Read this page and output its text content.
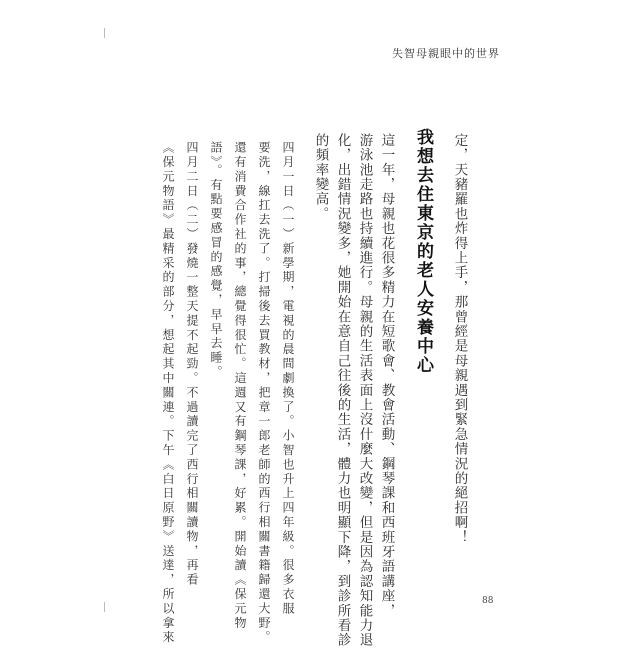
失智母親眼中的世界
定，天豬羅也炸得上手，那曾經是母親遇到緊急情況的絕招啊！
我想去住東京的老人安養中心
這一年，母親也花很多精力在短歌會、教會活動、鋼琴課和西班牙語講座，
游泳池走路也持續進行。母親的生活表面上沒什麼大改變，但是因為認知能力退
化，出錯情況變多，她開始在意自己往後的生活，體力也明顯下降，到診所看診
的頻率變高。
四月一日（一）新學期，電視的晨間劇換了。小智也升上四年級。很多衣服
要洗，線扛去洗了。打掃後去買教材，把章一郎老師的西行相關書籍歸還大野。
還有消費合作社的事，總覺得很忙。這週又有鋼琴課，好累。開始讀《保元物
語》。有點要感冒的感覺，早早去睡。
四月二日（二）發燒一整天提不起勁。不過讀完了西行相關讀物，再看
《保元物語》最精采的部分，想起其中關連。下午《白日原野》送達，所以拿來	88
